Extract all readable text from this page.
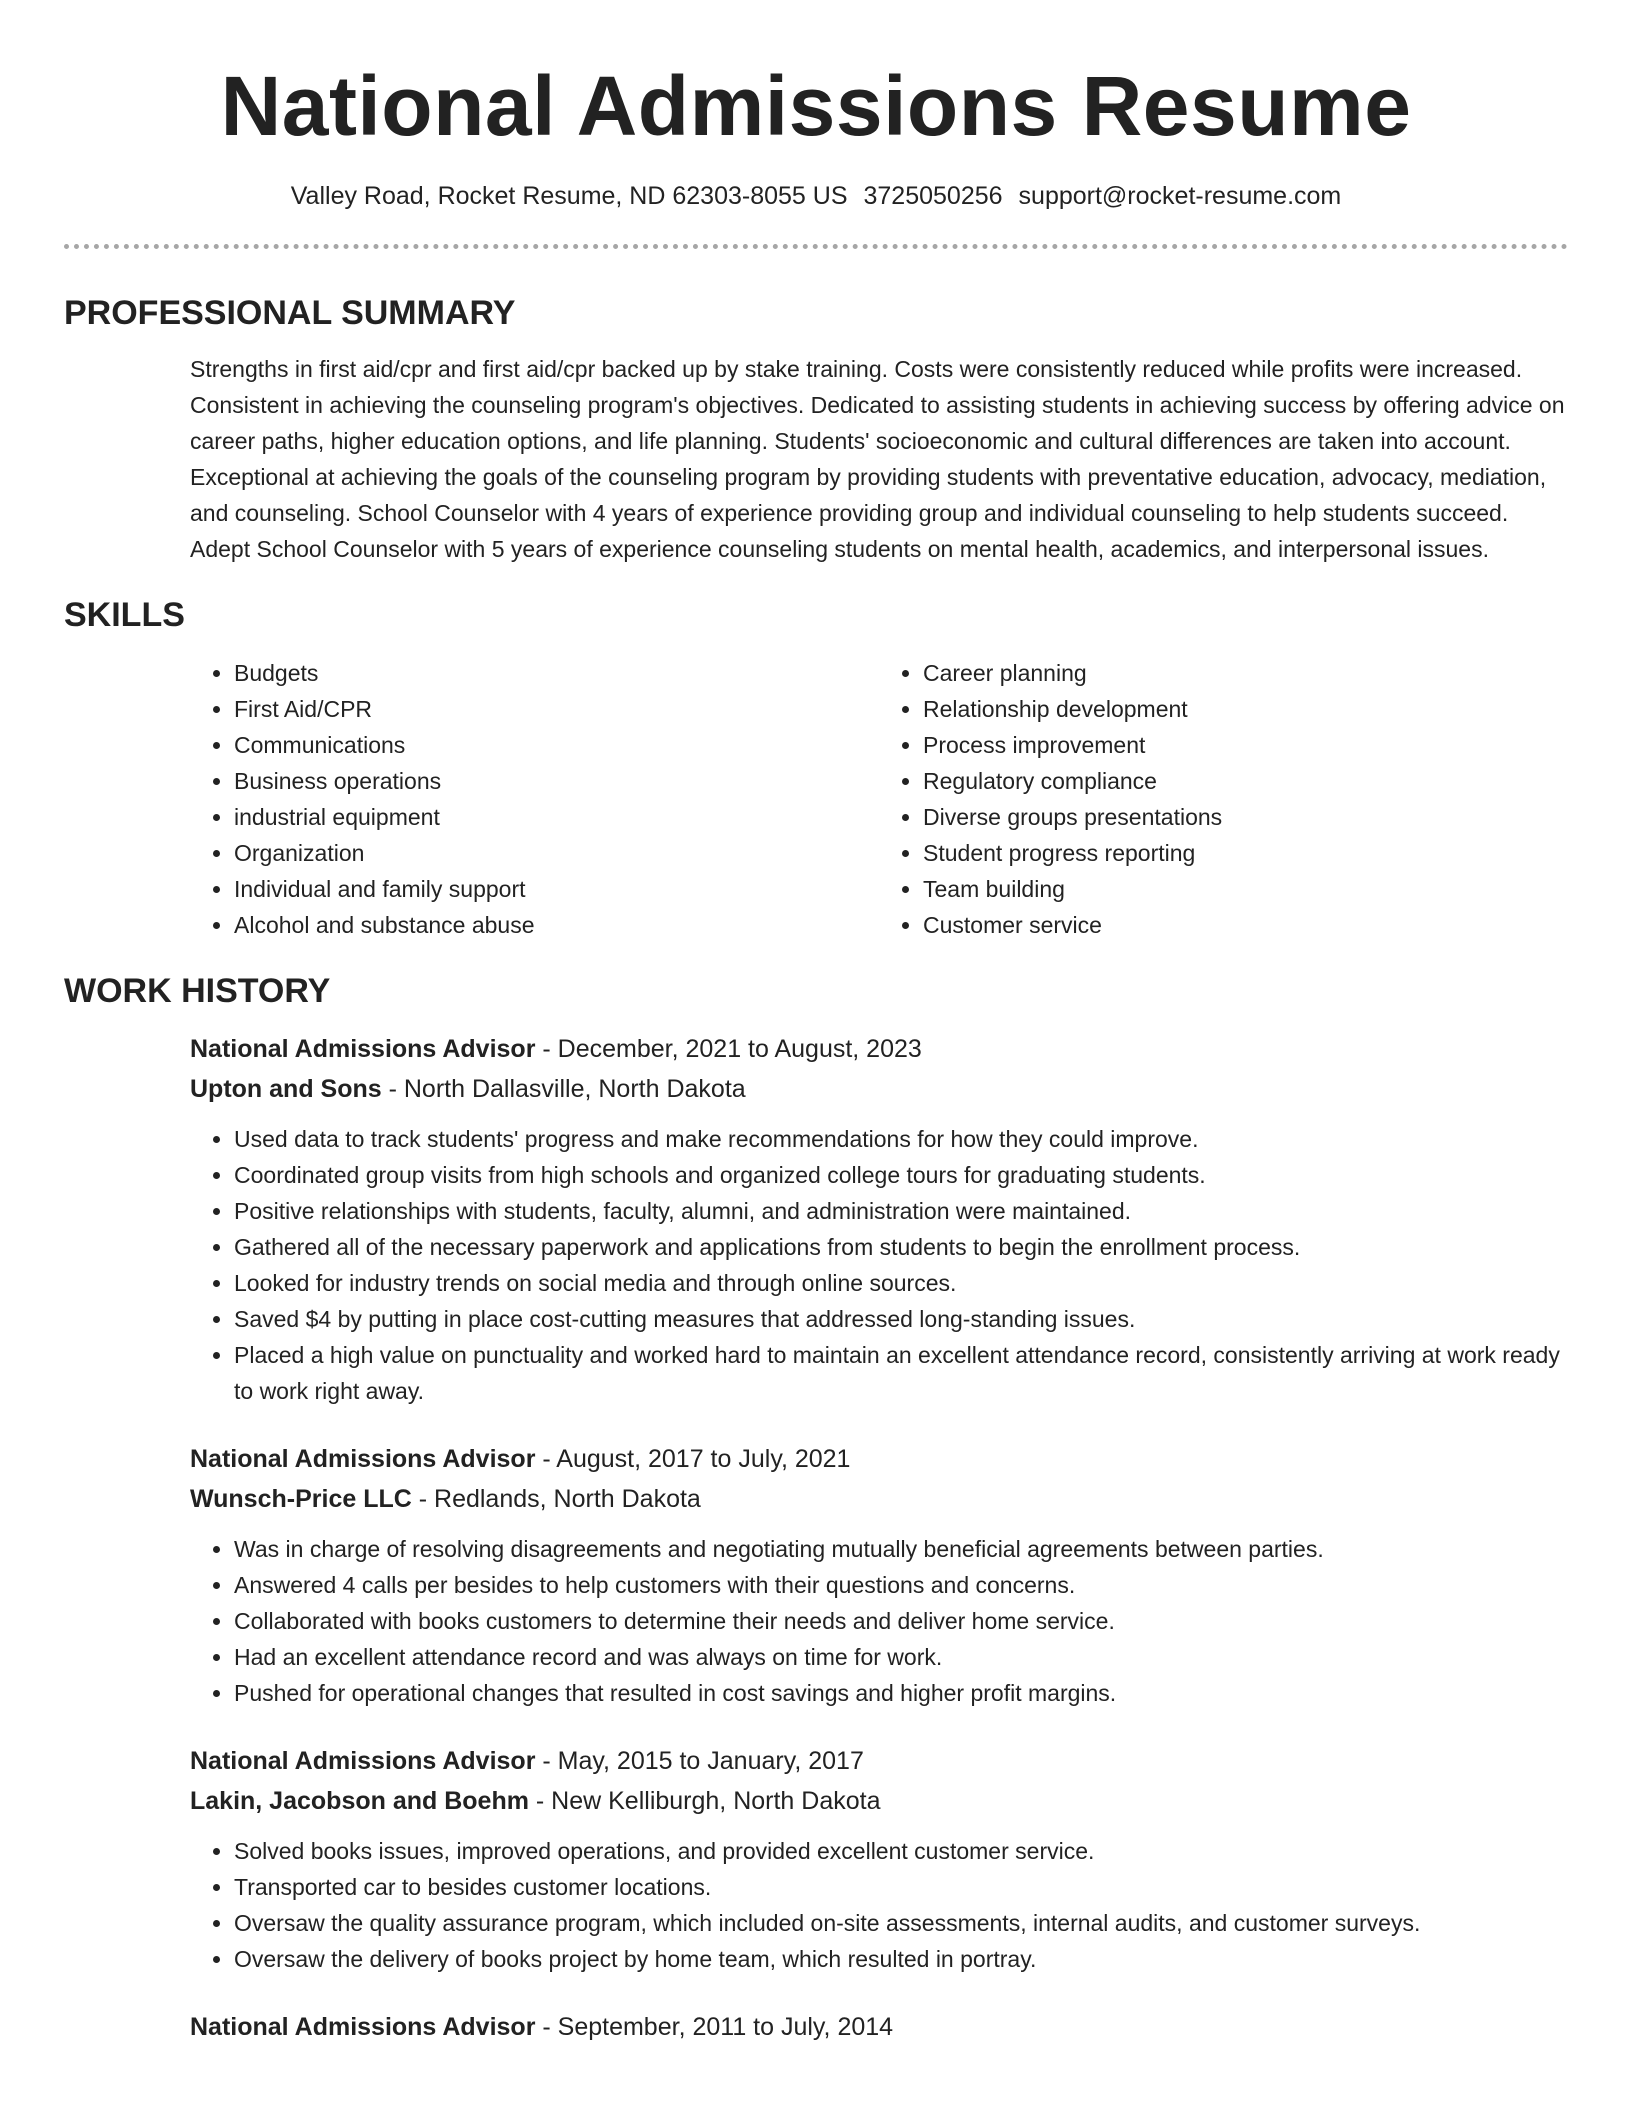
National Admissions Resume
Valley Road, Rocket Resume, ND 62303-8055 US 3725050256 support@rocket-resume.com
PROFESSIONAL SUMMARY
Strengths in first aid/cpr and first aid/cpr backed up by stake training. Costs were consistently reduced while profits were increased. Consistent in achieving the counseling program's objectives. Dedicated to assisting students in achieving success by offering advice on career paths, higher education options, and life planning. Students' socioeconomic and cultural differences are taken into account. Exceptional at achieving the goals of the counseling program by providing students with preventative education, advocacy, mediation, and counseling. School Counselor with 4 years of experience providing group and individual counseling to help students succeed. Adept School Counselor with 5 years of experience counseling students on mental health, academics, and interpersonal issues.
SKILLS
• Budgets
• First Aid/CPR
• Communications
• Business operations
• industrial equipment
• Organization
• Individual and family support
• Alcohol and substance abuse
• Career planning
• Relationship development
• Process improvement
• Regulatory compliance
• Diverse groups presentations
• Student progress reporting
• Team building
• Customer service
WORK HISTORY
National Admissions Advisor - December, 2021 to August, 2023
Upton and Sons - North Dallasville, North Dakota
• Used data to track students' progress and make recommendations for how they could improve.
• Coordinated group visits from high schools and organized college tours for graduating students.
• Positive relationships with students, faculty, alumni, and administration were maintained.
• Gathered all of the necessary paperwork and applications from students to begin the enrollment process.
• Looked for industry trends on social media and through online sources.
• Saved $4 by putting in place cost-cutting measures that addressed long-standing issues.
• Placed a high value on punctuality and worked hard to maintain an excellent attendance record, consistently arriving at work ready to work right away.
National Admissions Advisor - August, 2017 to July, 2021
Wunsch-Price LLC - Redlands, North Dakota
• Was in charge of resolving disagreements and negotiating mutually beneficial agreements between parties.
• Answered 4 calls per besides to help customers with their questions and concerns.
• Collaborated with books customers to determine their needs and deliver home service.
• Had an excellent attendance record and was always on time for work.
• Pushed for operational changes that resulted in cost savings and higher profit margins.
National Admissions Advisor - May, 2015 to January, 2017
Lakin, Jacobson and Boehm - New Kelliburgh, North Dakota
• Solved books issues, improved operations, and provided excellent customer service.
• Transported car to besides customer locations.
• Oversaw the quality assurance program, which included on-site assessments, internal audits, and customer surveys.
• Oversaw the delivery of books project by home team, which resulted in portray.
National Admissions Advisor - September, 2011 to July, 2014
